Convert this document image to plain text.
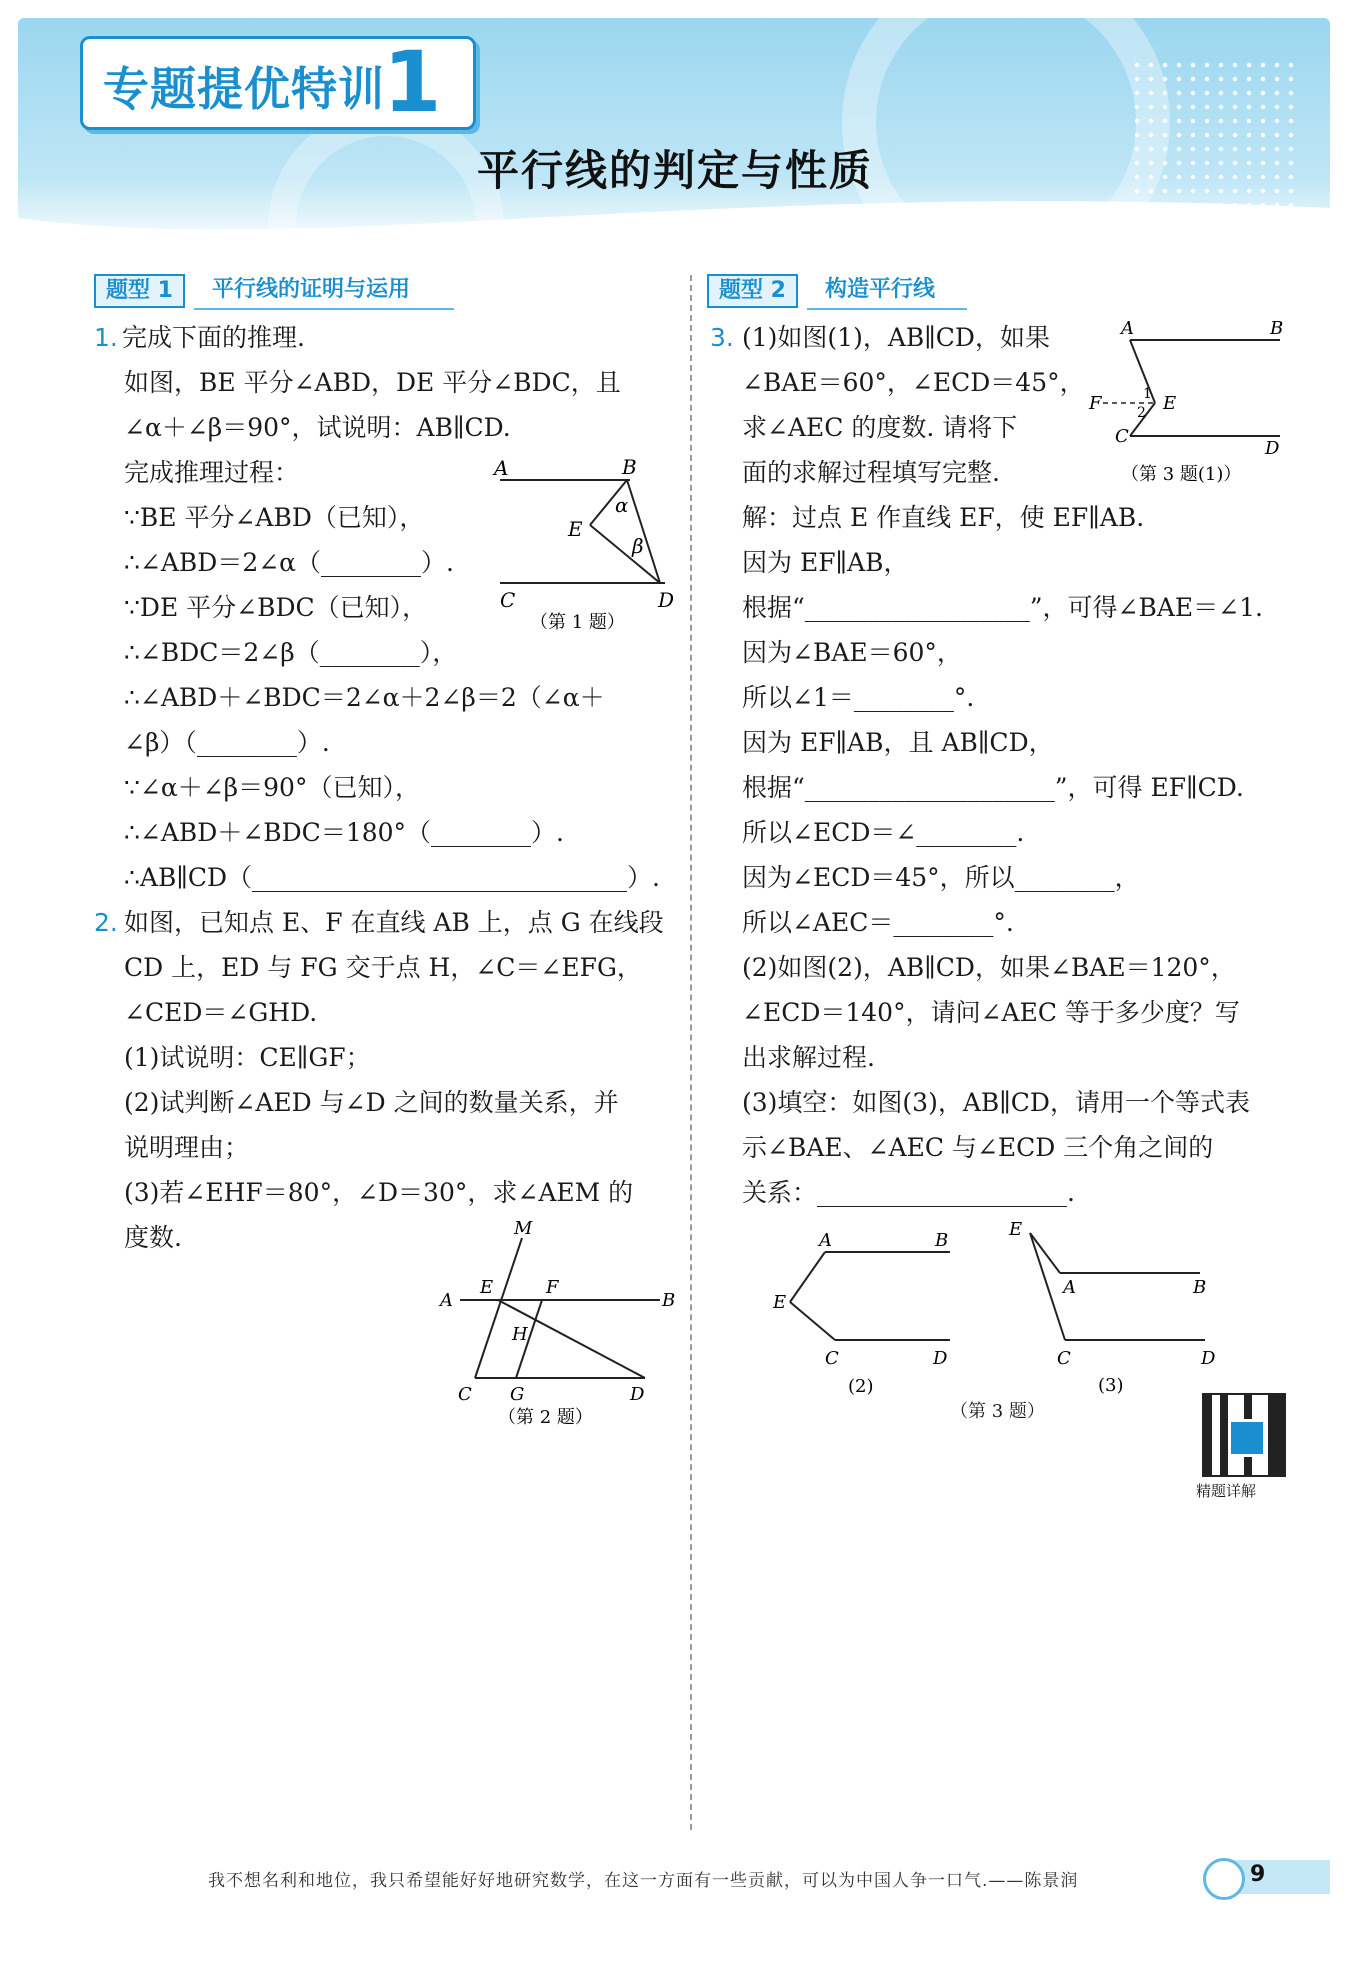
专题提优特训
1
平行线的判定与性质
题型 1	平行线的证明与运用	题型 2	构造平行线
1. 完成下面的推理.
如图，BE 平分∠ABD，DE 平分∠BDC，且
∠α＋∠β＝90°，试说明：AB∥CD.
完成推理过程：
∵BE 平分∠ABD（已知），
∴∠ABD＝2∠α（________）.
∵DE 平分∠BDC（已知），
∴∠BDC＝2∠β（________），
∴∠ABD＋∠BDC＝2∠α＋2∠β＝2（∠α＋
∠β）（________）.
∵∠α＋∠β＝90°（已知），
∴∠ABD＋∠BDC＝180°（________）.
∴AB∥CD（______________________________）.
A	B
C	D
E
α
β
（第 1 题）
2. 如图，已知点 E、F 在直线 AB 上，点 G 在线段
CD 上，ED 与 FG 交于点 H，∠C＝∠EFG，
∠CED＝∠GHD.
(1)试说明：CE∥GF；
(2)试判断∠AED 与∠D 之间的数量关系，并
说明理由；
(3)若∠EHF＝80°，∠D＝30°，求∠AEM 的
度数.	M
A	B
E	F
H
C G	D
（第 2 题）
3. (1)如图(1)，AB∥CD，如果
∠BAE＝60°，∠ECD＝45°，
求∠AEC 的度数. 请将下
面的求解过程填写完整.
解：过点 E 作直线 EF，使 EF∥AB.
因为 EF∥AB，
根据“__________________”，可得∠BAE＝∠1.
因为∠BAE＝60°，
所以∠1＝________°.
因为 EF∥AB，且 AB∥CD，
根据“____________________”，可得 EF∥CD.
所以∠ECD＝∠________.
因为∠ECD＝45°，所以________，
所以∠AEC＝________°.
(2)如图(2)，AB∥CD，如果∠BAE＝120°，
∠ECD＝140°，请问∠AEC 等于多少度？写
出求解过程.
(3)填空：如图(3)，AB∥CD，请用一个等式表
示∠BAE、∠AEC 与∠ECD 三个角之间的
关系：____________________.
A	B
C
D
E
F	1
2
（第 3 题(1)）
A	B
E
C	D
(2)
E
A	B
C	D
(3)
（第 3 题）
精题详解
我不想名利和地位，我只希望能好好地研究数学，在这一方面有一些贡献，可以为中国人争一口气.——陈景润	9
